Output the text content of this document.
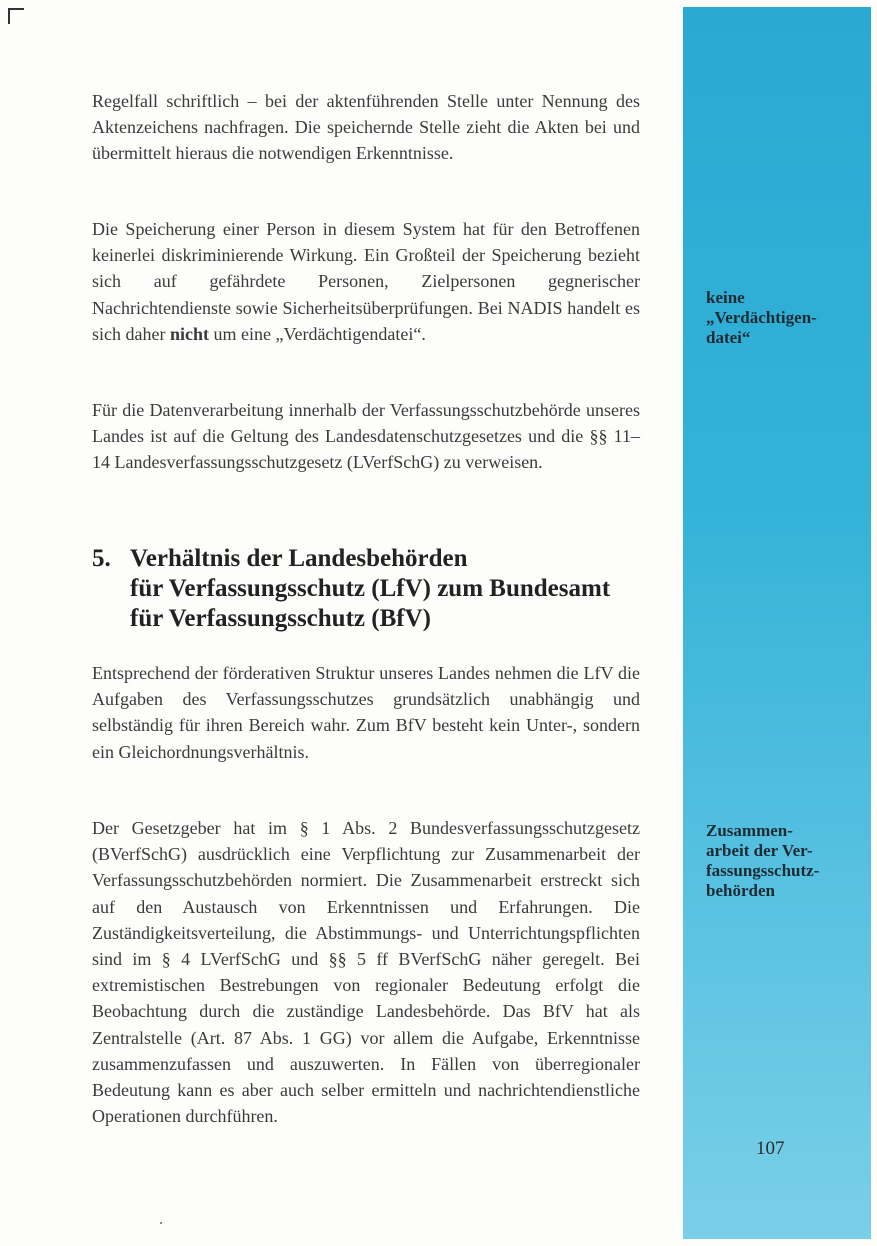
keine
„Verdächtigen-
datei“
Zusammen-
arbeit der Ver-
fassungsschutz-
behörden
Regelfall schriftlich – bei der aktenführenden Stelle unter Nennung des Aktenzeichens nachfragen. Die speichernde Stelle zieht die Akten bei und übermittelt hieraus die notwendigen Erkenntnisse.
Die Speicherung einer Person in diesem System hat für den Betroffenen keinerlei diskriminierende Wirkung. Ein Großteil der Speicherung bezieht sich auf gefährdete Personen, Zielpersonen gegnerischer Nachrichtendienste sowie Sicherheitsüberprüfungen. Bei NADIS handelt es sich daher nicht um eine „Verdächtigendatei“.
Für die Datenverarbeitung innerhalb der Verfassungsschutzbehörde unseres Landes ist auf die Geltung des Landesdatenschutzgesetzes und die §§ 11–14 Landesverfassungsschutzgesetz (LVerfSchG) zu verweisen.
5. Verhältnis der Landesbehörden
für Verfassungsschutz (LfV) zum Bundesamt
für Verfassungsschutz (BfV)
Entsprechend der förderativen Struktur unseres Landes nehmen die LfV die Aufgaben des Verfassungsschutzes grundsätzlich unabhängig und selbständig für ihren Bereich wahr. Zum BfV besteht kein Unter-, sondern ein Gleichordnungsverhältnis.
Der Gesetzgeber hat im § 1 Abs. 2 Bundesverfassungsschutzgesetz (BVerfSchG) ausdrücklich eine Verpflichtung zur Zusammenarbeit der Verfassungsschutzbehörden normiert. Die Zusammenarbeit erstreckt sich auf den Austausch von Erkenntnissen und Erfahrungen. Die Zuständigkeitsverteilung, die Abstimmungs- und Unterrichtungspflichten sind im § 4 LVerfSchG und §§ 5 ff BVerfSchG näher geregelt. Bei extremistischen Bestrebungen von regionaler Bedeutung erfolgt die Beobachtung durch die zuständige Landesbehörde. Das BfV hat als Zentralstelle (Art. 87 Abs. 1 GG) vor allem die Aufgabe, Erkenntnisse zusammenzufassen und auszuwerten. In Fällen von überregionaler Bedeutung kann es aber auch selber ermitteln und nachrichtendienstliche Operationen durchführen.
107
